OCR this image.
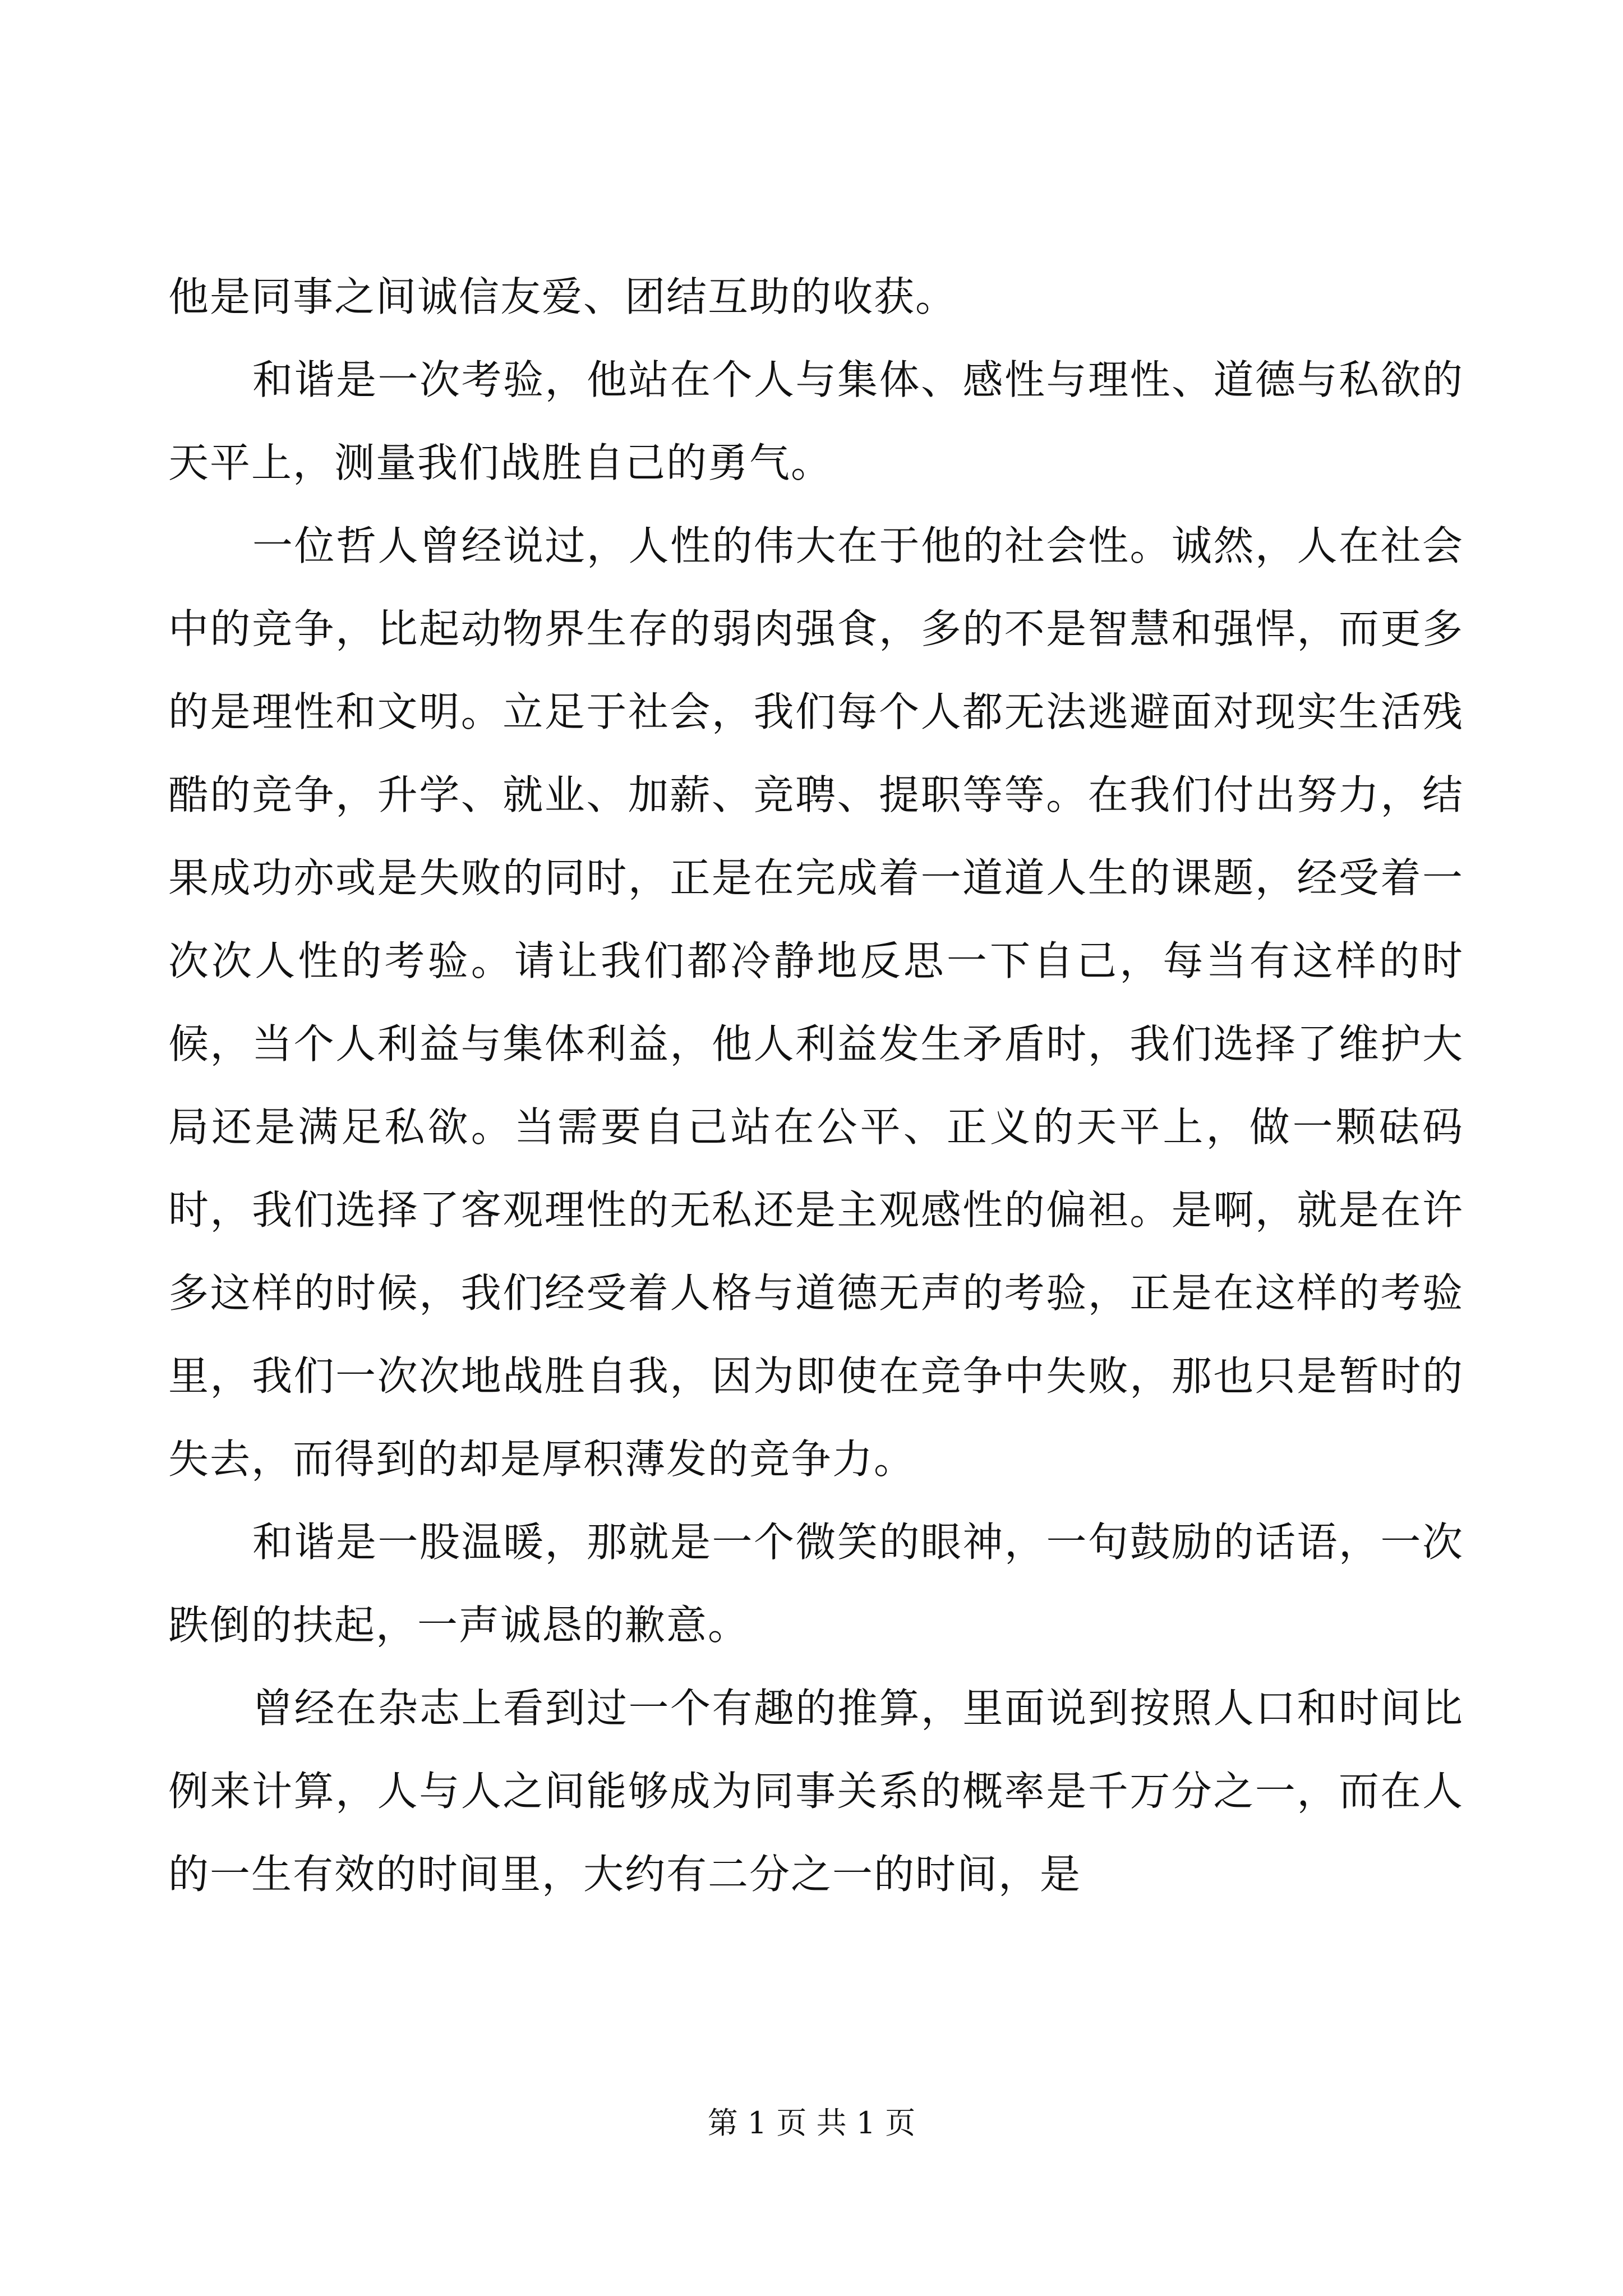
他是同事之间诚信友爱、团结互助的收获。

和谐是一次考验，他站在个人与集体、感性与理性、道德与私欲的天平上，测量我们战胜自己的勇气。

一位哲人曾经说过，人性的伟大在于他的社会性。诚然，人在社会中的竞争，比起动物界生存的弱肉强食，多的不是智慧和强悍，而更多的是理性和文明。立足于社会，我们每个人都无法逃避面对现实生活残酷的竞争，升学、就业、加薪、竞聘、提职等等。在我们付出努力，结果成功亦或是失败的同时，正是在完成着一道道人生的课题，经受着一次次人性的考验。请让我们都冷静地反思一下自己，每当有这样的时候，当个人利益与集体利益，他人利益发生矛盾时，我们选择了维护大局还是满足私欲。当需要自己站在公平、正义的天平上，做一颗砝码时，我们选择了客观理性的无私还是主观感性的偏袒。是啊，就是在许多这样的时候，我们经受着人格与道德无声的考验，正是在这样的考验里，我们一次次地战胜自我，因为即使在竞争中失败，那也只是暂时的失去，而得到的却是厚积薄发的竞争力。

和谐是一股温暖，那就是一个微笑的眼神，一句鼓励的话语，一次跌倒的扶起，一声诚恳的歉意。

曾经在杂志上看到过一个有趣的推算，里面说到按照人口和时间比例来计算，人与人之间能够成为同事关系的概率是千万分之一，而在人的一生有效的时间里，大约有二分之一的时间，是

第 1 页 共 1 页
